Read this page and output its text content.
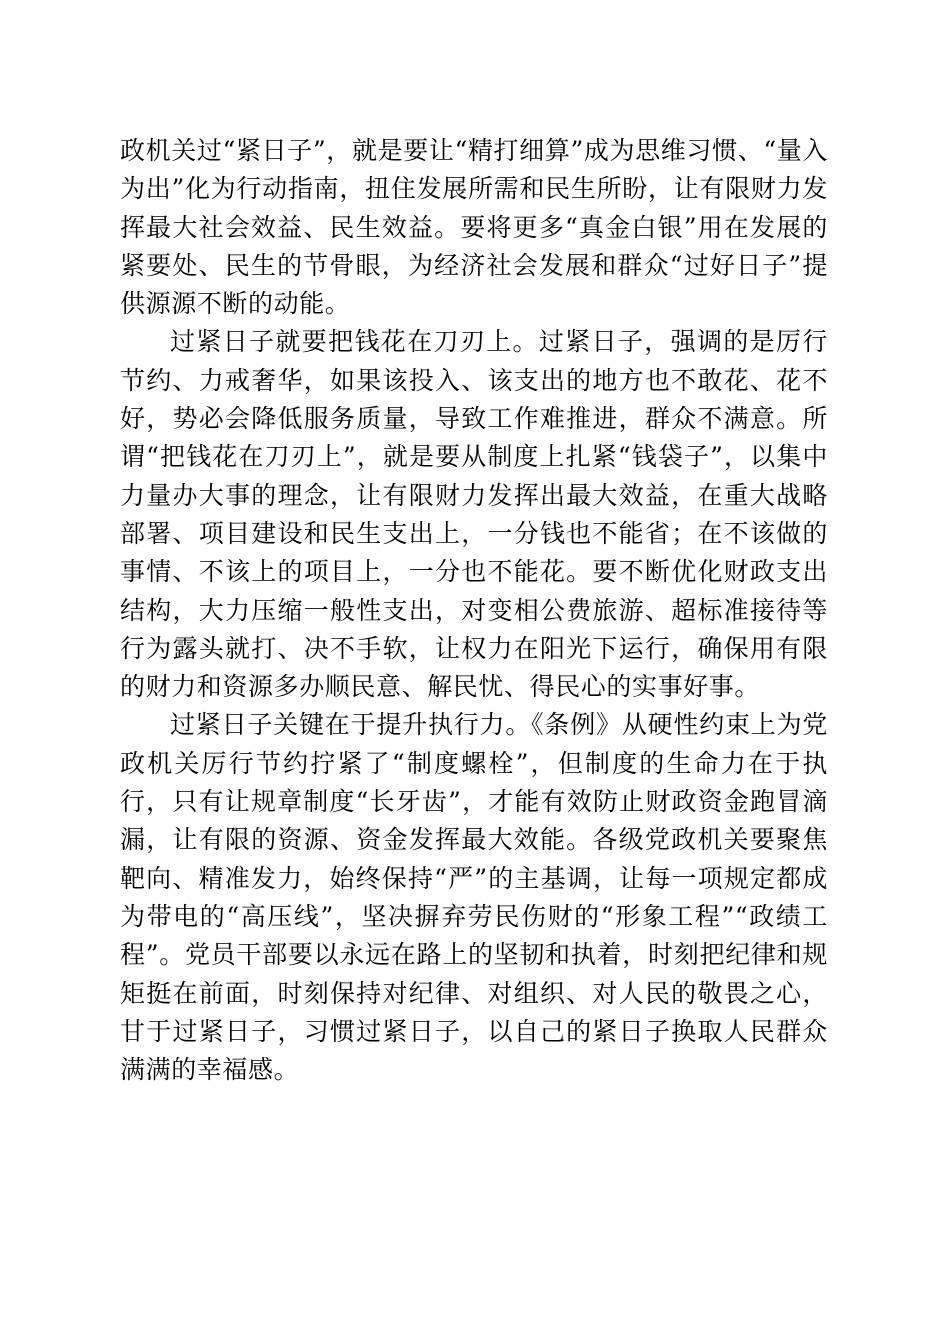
政机关过“紧日子”，就是要让“精打细算”成为思维习惯、“量入为出”化为行动指南，扭住发展所需和民生所盼，让有限财力发挥最大社会效益、民生效益。要将更多“真金白银”用在发展的紧要处、民生的节骨眼，为经济社会发展和群众“过好日子”提供源源不断的动能。

过紧日子就要把钱花在刀刃上。过紧日子，强调的是厉行节约、力戒奢华，如果该投入、该支出的地方也不敢花、花不好，势必会降低服务质量，导致工作难推进，群众不满意。所谓“把钱花在刀刃上”，就是要从制度上扎紧“钱袋子”，以集中力量办大事的理念，让有限财力发挥出最大效益，在重大战略部署、项目建设和民生支出上，一分钱也不能省；在不该做的事情、不该上的项目上，一分也不能花。要不断优化财政支出结构，大力压缩一般性支出，对变相公费旅游、超标准接待等行为露头就打、决不手软，让权力在阳光下运行，确保用有限的财力和资源多办顺民意、解民忧、得民心的实事好事。

过紧日子关键在于提升执行力。《条例》从硬性约束上为党政机关厉行节约拧紧了“制度螺栓”，但制度的生命力在于执行，只有让规章制度“长牙齿”，才能有效防止财政资金跑冒滴漏，让有限的资源、资金发挥最大效能。各级党政机关要聚焦靶向、精准发力，始终保持“严”的主基调，让每一项规定都成为带电的“高压线”，坚决摒弃劳民伤财的“形象工程”“政绩工程”。党员干部要以永远在路上的坚韧和执着，时刻把纪律和规矩挺在前面，时刻保持对纪律、对组织、对人民的敬畏之心，甘于过紧日子，习惯过紧日子，以自己的紧日子换取人民群众满满的幸福感。
